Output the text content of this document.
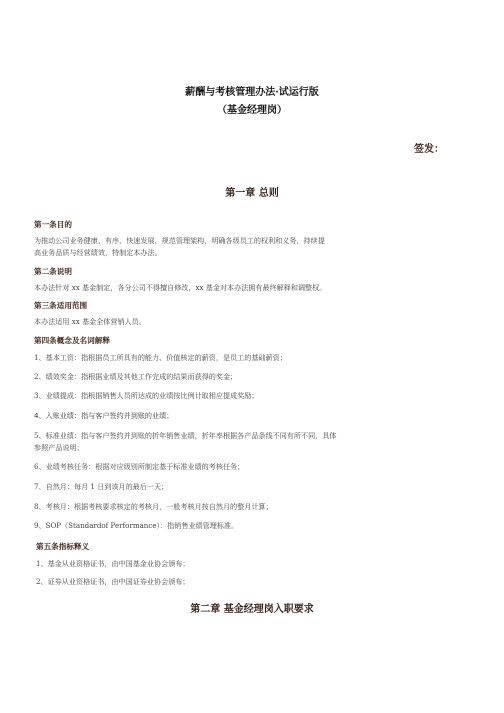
薪酬与考核管理办法·试运行版
（基金经理岗）
签发：
第一章 总则
第一条目的
为推动公司业务健康、有序、快速发展，规范管理架构，明确各级员工的权利和义务，持续提
高业务品质与经营绩效，特制定本办法。
第二条说明
本办法针对 xx 基金制定，各分公司不得擅自修改，xx 基金对本办法拥有最终解释和调整权。
第三条适用范围
本办法适用 xx 基金全体营销人员。
第四条概念及名词解释
1、基本工资：指根据员工所具有的能力、价值核定的薪资，是员工的基础薪资；
2、绩效奖金：指根据业绩及其他工作完成的结果而获得的奖金；
3、业绩提成：指根据销售人员所达成的业绩按比例计取相应提成奖励；
4、入账业绩：指与客户签约并到账的业绩；
5、标准业绩：指与客户签约并到账的折年销售业绩，折年率根据各产品条线不同有所不同，具体
参照产品说明；
6、业绩考核任务：根据对应级别所制定基于标准业绩的考核任务；
7、自然月：每月 1 日到该月的最后一天；
8、考核月：根据考核要求核定的考核月，一般考核月按自然月的整月计算；
9、SOP（Standardof Performance）：指销售业绩管理标准。
第五条指标释义
1、基金从业资格证书，由中国基金业协会颁布；
2、证券从业资格证书，由中国证券业协会颁布；
第二章 基金经理岗入职要求
